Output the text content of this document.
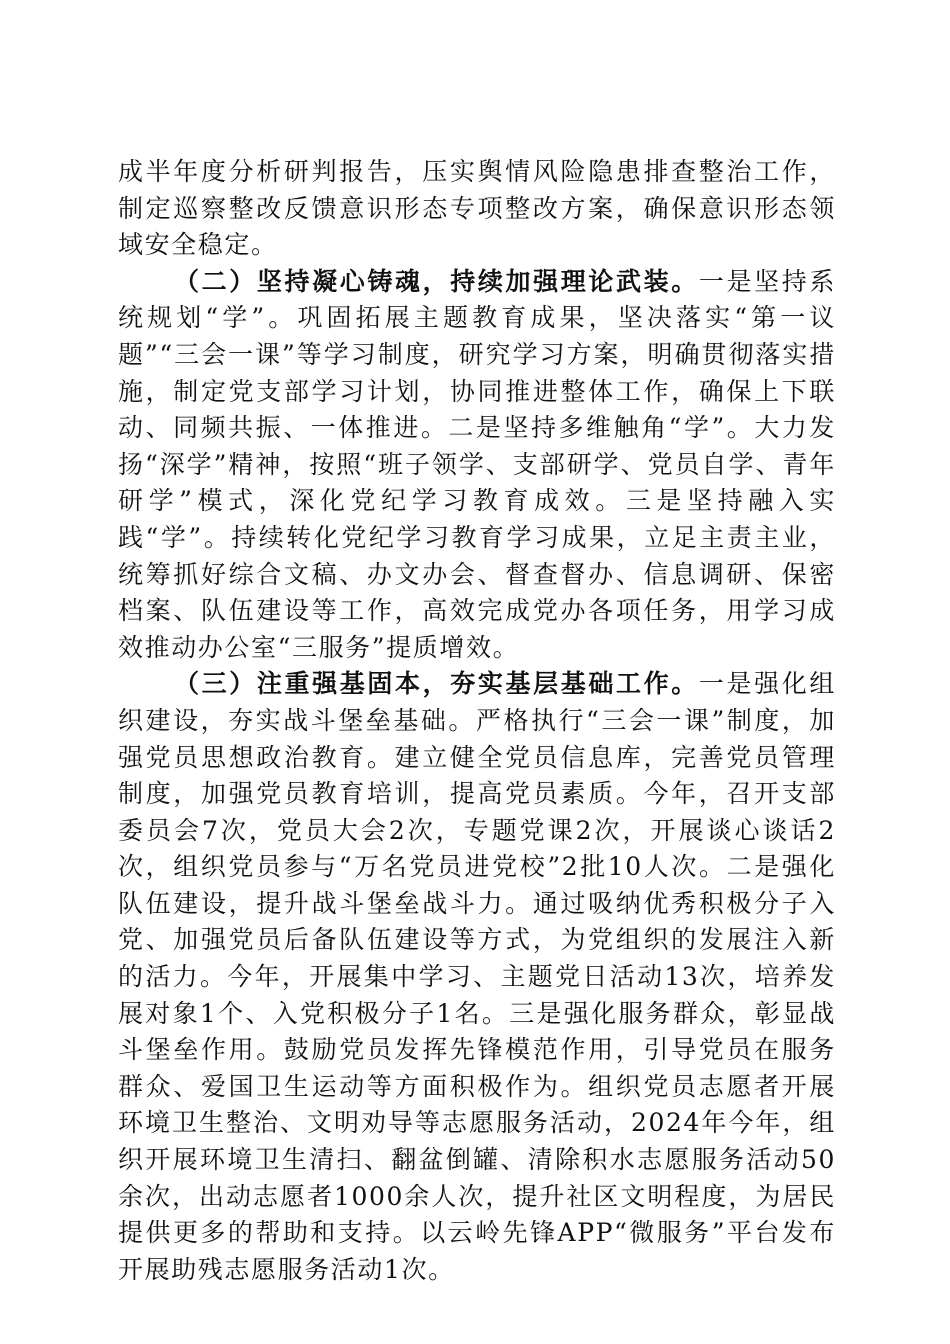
成半年度分析研判报告，压实舆情风险隐患排查整治工作，制定巡察整改反馈意识形态专项整改方案，确保意识形态领域安全稳定。

（二）坚持凝心铸魂，持续加强理论武装。一是坚持系统规划“学”。巩固拓展主题教育成果，坚决落实“第一议题”“三会一课”等学习制度，研究学习方案，明确贯彻落实措施，制定党支部学习计划，协同推进整体工作，确保上下联动、同频共振、一体推进。二是坚持多维触角“学”。大力发扬“深学”精神，按照“班子领学、支部研学、党员自学、青年研学”模式，深化党纪学习教育成效。三是坚持融入实践“学”。持续转化党纪学习教育学习成果，立足主责主业，统筹抓好综合文稿、办文办会、督查督办、信息调研、保密档案、队伍建设等工作，高效完成党办各项任务，用学习成效推动办公室“三服务”提质增效。

（三）注重强基固本，夯实基层基础工作。一是强化组织建设，夯实战斗堡垒基础。严格执行“三会一课”制度，加强党员思想政治教育。建立健全党员信息库，完善党员管理制度，加强党员教育培训，提高党员素质。今年，召开支部委员会7次，党员大会2次，专题党课2次，开展谈心谈话2次，组织党员参与“万名党员进党校”2批10人次。二是强化队伍建设，提升战斗堡垒战斗力。通过吸纳优秀积极分子入党、加强党员后备队伍建设等方式，为党组织的发展注入新的活力。今年，开展集中学习、主题党日活动13次，培养发展对象1个、入党积极分子1名。三是强化服务群众，彰显战斗堡垒作用。鼓励党员发挥先锋模范作用，引导党员在服务群众、爱国卫生运动等方面积极作为。组织党员志愿者开展环境卫生整治、文明劝导等志愿服务活动，2024年今年，组织开展环境卫生清扫、翻盆倒罐、清除积水志愿服务活动50余次，出动志愿者1000余人次，提升社区文明程度，为居民提供更多的帮助和支持。以云岭先锋APP“微服务”平台发布开展助残志愿服务活动1次。
